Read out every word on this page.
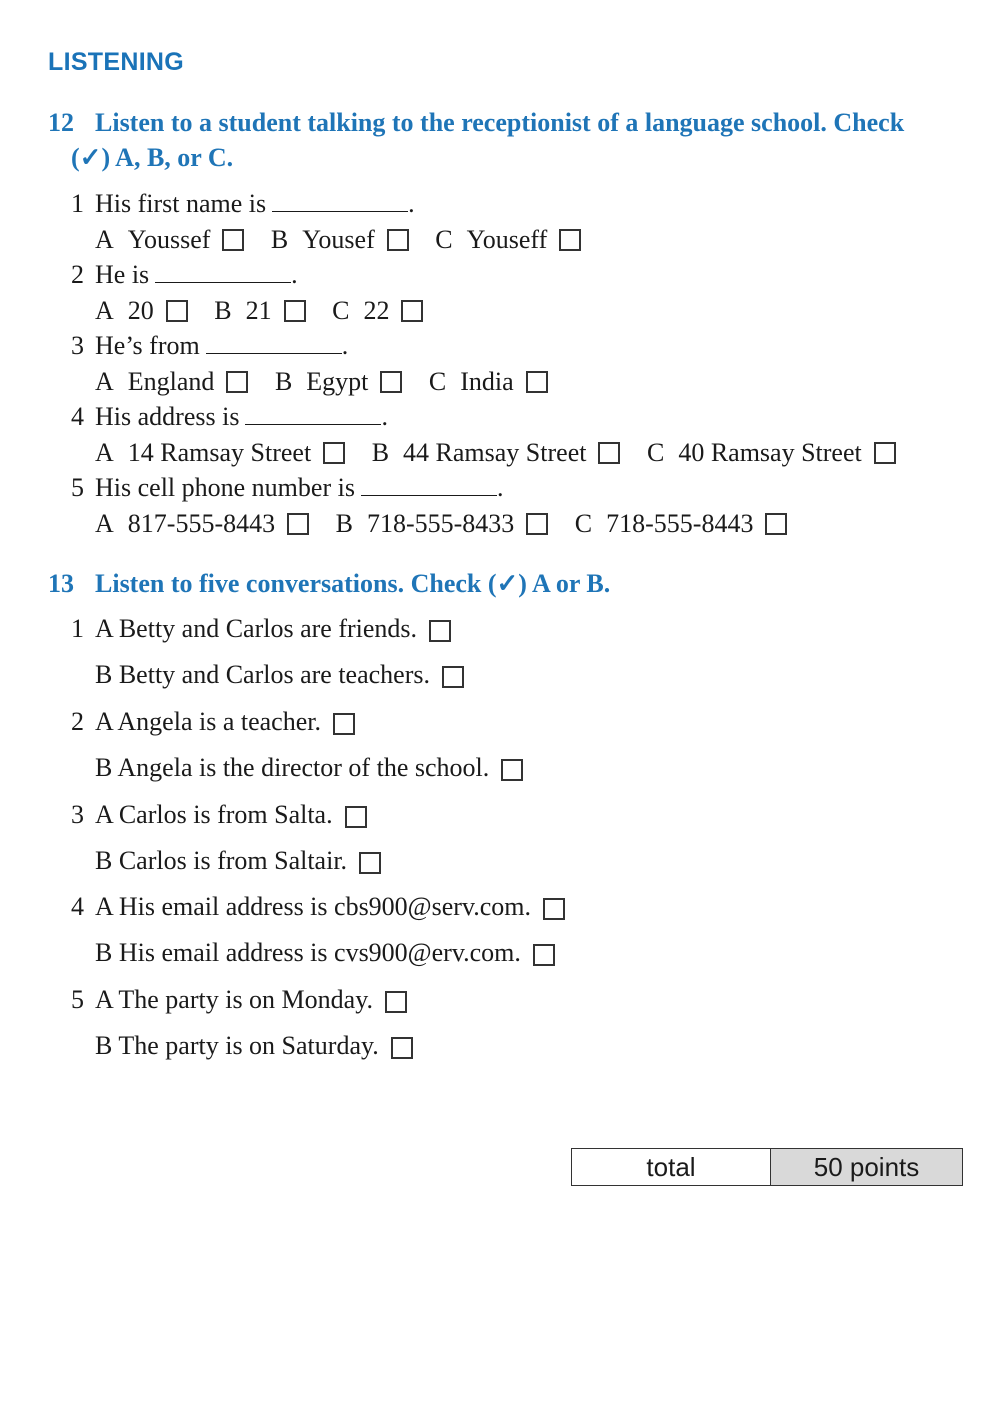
LISTENING
12 Listen to a student talking to the receptionist of a language school. Check
(✓) A, B, or C.
1 His first name is	.
A Youssef
B Yousef
C Youseff
2 He is	.
A 20
B 21
C 22
3 He’s from	.
A England
B Egypt
C India
4 His address is	.
A 14 Ramsay Street
B 44 Ramsay Street
C 40 Ramsay Street
5 His cell phone number is	.
A 817-555-8443
B 718-555-8433
C 718-555-8443
13 Listen to five conversations. Check (✓) A or B.
1 A Betty and Carlos are friends.
B Betty and Carlos are teachers.
2 A Angela is a teacher.
B Angela is the director of the school.
3 A Carlos is from Salta.
B Carlos is from Saltair.
4 A His email address is cbs900@serv.com.
B His email address is cvs900@erv.com.
5 A The party is on Monday.
B The party is on Saturday.
total	50 points
